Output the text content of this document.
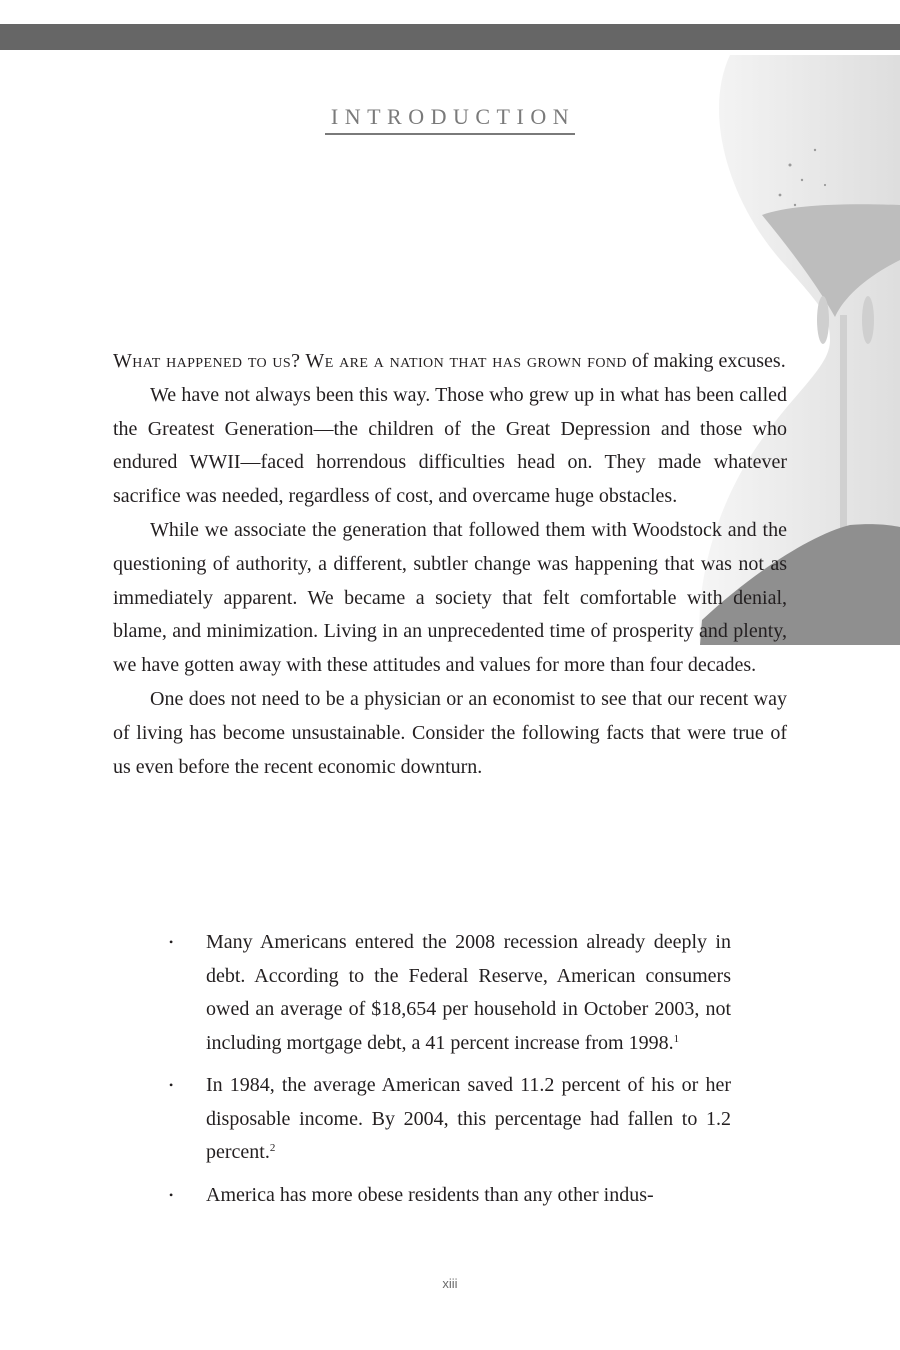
INTRODUCTION

What happened to us? We are a nation that has grown fond of making excuses.

We have not always been this way. Those who grew up in what has been called the Greatest Generation—the children of the Great Depression and those who endured WWII—faced horrendous difficulties head on. They made whatever sacrifice was needed, regardless of cost, and overcame huge obstacles.

While we associate the generation that followed them with Woodstock and the questioning of authority, a different, subtler change was happening that was not as immediately apparent. We became a society that felt comfortable with denial, blame, and minimization. Living in an unprecedented time of prosperity and plenty, we have gotten away with these attitudes and values for more than four decades.

One does not need to be a physician or an economist to see that our recent way of living has become unsustainable. Consider the following facts that were true of us even before the recent economic downturn.

• Many Americans entered the 2008 recession already deeply in debt. According to the Federal Reserve, American consumers owed an average of $18,654 per household in October 2003, not including mortgage debt, a 41 percent increase from 1998.$^1$
• In 1984, the average American saved 11.2 percent of his or her disposable income. By 2004, this percentage had fallen to 1.2 percent.$^2$
• America has more obese residents than any other indus-
xiii
